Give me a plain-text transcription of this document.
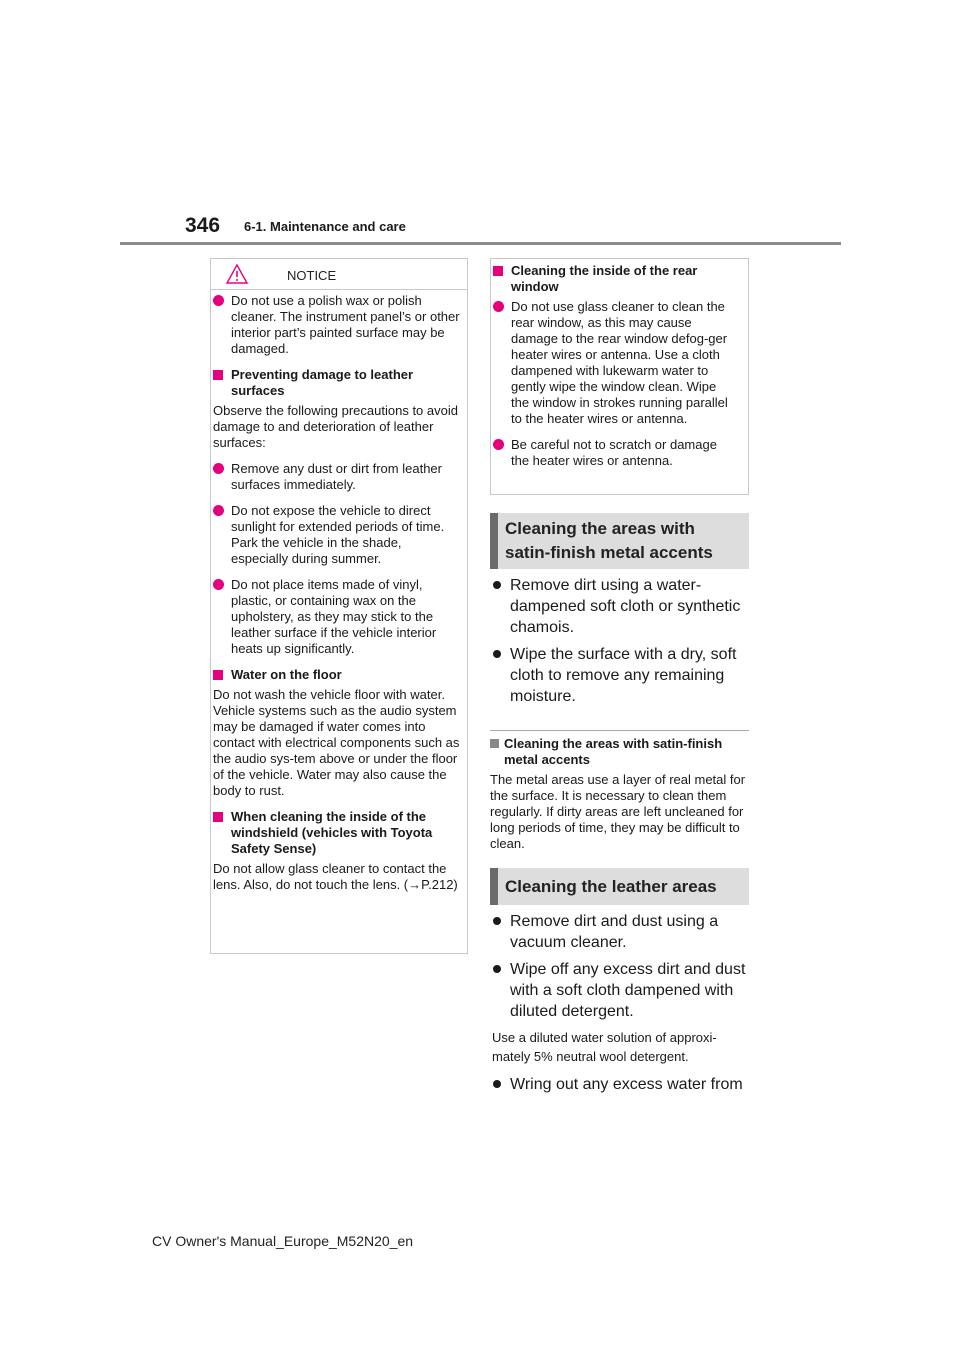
346 6-1. Maintenance and care
NOTICE
Do not use a polish wax or polish cleaner. The instrument panel’s or other interior part’s painted surface may be damaged.
Preventing damage to leather surfaces
Observe the following precautions to avoid damage to and deterioration of leather surfaces:
Remove any dust or dirt from leather surfaces immediately.
Do not expose the vehicle to direct sunlight for extended periods of time. Park the vehicle in the shade, especially during summer.
Do not place items made of vinyl, plastic, or containing wax on the upholstery, as they may stick to the leather surface if the vehicle interior heats up significantly.
Water on the floor
Do not wash the vehicle floor with water.
Vehicle systems such as the audio system may be damaged if water comes into contact with electrical components such as the audio sys-tem above or under the floor of the vehicle. Water may also cause the body to rust.
When cleaning the inside of the windshield (vehicles with Toyota Safety Sense)
Do not allow glass cleaner to contact the lens. Also, do not touch the lens. (→P.212)
Cleaning the inside of the rear window
Do not use glass cleaner to clean the rear window, as this may cause damage to the rear window defog-ger heater wires or antenna. Use a cloth dampened with lukewarm water to gently wipe the window clean. Wipe the window in strokes running parallel to the heater wires or antenna.
Be careful not to scratch or damage the heater wires or antenna.
Cleaning the areas with
satin-finish metal accents
Remove dirt using a water-dampened soft cloth or synthetic chamois.
Wipe the surface with a dry, soft cloth to remove any remaining moisture.
Cleaning the areas with satin-finish metal accents
The metal areas use a layer of real metal for the surface. It is necessary to clean them regularly. If dirty areas are left uncleaned for long periods of time, they may be difficult to clean.
Cleaning the leather areas
Remove dirt and dust using a vacuum cleaner.
Wipe off any excess dirt and dust with a soft cloth dampened with diluted detergent.
Use a diluted water solution of approxi-mately 5% neutral wool detergent.
Wring out any excess water from
CV Owner's Manual_Europe_M52N20_en
